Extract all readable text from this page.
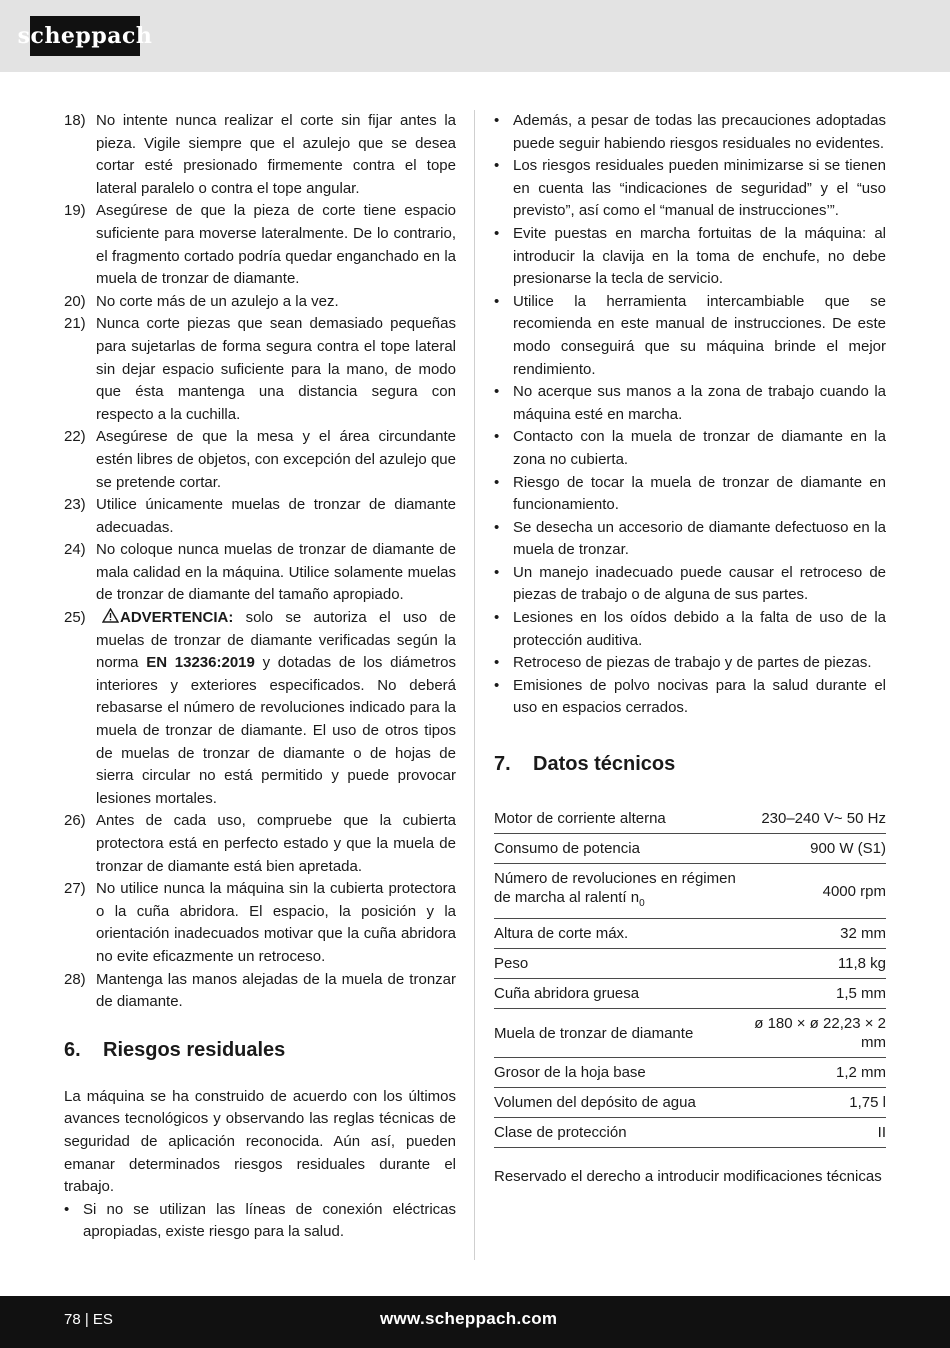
scheppach
18) No intente nunca realizar el corte sin fijar antes la pieza. Vigile siempre que el azulejo que se desea cortar esté presionado firmemente contra el tope lateral paralelo o contra el tope angular.
19) Asegúrese de que la pieza de corte tiene espacio suficiente para moverse lateralmente. De lo contrario, el fragmento cortado podría quedar enganchado en la muela de tronzar de diamante.
20) No corte más de un azulejo a la vez.
21) Nunca corte piezas que sean demasiado pequeñas para sujetarlas de forma segura contra el tope lateral sin dejar espacio suficiente para la mano, de modo que ésta mantenga una distancia segura con respecto a la cuchilla.
22) Asegúrese de que la mesa y el área circundante estén libres de objetos, con excepción del azulejo que se pretende cortar.
23) Utilice únicamente muelas de tronzar de diamante adecuadas.
24) No coloque nunca muelas de tronzar de diamante de mala calidad en la máquina. Utilice solamente muelas de tronzar de diamante del tamaño apropiado.
25)	ADVERTENCIA: solo se autoriza el uso de muelas de tronzar de diamante verificadas según la norma EN 13236:2019 y dotadas de los diámetros interiores y exteriores especificados. No deberá rebasarse el número de revoluciones indicado para la muela de tronzar de diamante. El uso de otros tipos de muelas de tronzar de diamante o de hojas de sierra circular no está permitido y puede provocar lesiones mortales.
26) Antes de cada uso, compruebe que la cubierta protectora está en perfecto estado y que la muela de tronzar de diamante está bien apretada.
27) No utilice nunca la máquina sin la cubierta protectora o la cuña abridora. El espacio, la posición y la orientación inadecuados motivar que la cuña abridora no evite eficazmente un retroceso.
28) Mantenga las manos alejadas de la muela de tronzar de diamante.
6.	Riesgos residuales
La máquina se ha construido de acuerdo con los últimos avances tecnológicos y observando las reglas técnicas de seguridad de aplicación reconocida. Aún así, pueden emanar determinados riesgos residuales durante el trabajo.
• Si no se utilizan las líneas de conexión eléctricas apropiadas, existe riesgo para la salud.
• Además, a pesar de todas las precauciones adoptadas puede seguir habiendo riesgos residuales no evidentes.
• Los riesgos residuales pueden minimizarse si se tienen en cuenta las “indicaciones de seguridad” y el “uso previsto”, así como el “manual de instrucciones’”.
• Evite puestas en marcha fortuitas de la máquina: al introducir la clavija en la toma de enchufe, no debe presionarse la tecla de servicio.
• Utilice la herramienta intercambiable que se recomienda en este manual de instrucciones. De este modo conseguirá que su máquina brinde el mejor rendimiento.
• No acerque sus manos a la zona de trabajo cuando la máquina esté en marcha.
• Contacto con la muela de tronzar de diamante en la zona no cubierta.
• Riesgo de tocar la muela de tronzar de diamante en funcionamiento.
• Se desecha un accesorio de diamante defectuoso en la muela de tronzar.
• Un manejo inadecuado puede causar el retroceso de piezas de trabajo o de alguna de sus partes.
• Lesiones en los oídos debido a la falta de uso de la protección auditiva.
• Retroceso de piezas de trabajo y de partes de piezas.
• Emisiones de polvo nocivas para la salud durante el uso en espacios cerrados.
7.	Datos técnicos
Motor de corriente alterna	230–240 V~ 50 Hz
Consumo de potencia	900 W (S1)
Número de revoluciones en régimen de marcha al ralentí $n_0$	4000 rpm
Altura de corte máx.	32 mm
Peso	11,8 kg
Cuña abridora gruesa	1,5 mm
Muela de tronzar de diamante	ø 180 × ø 22,23 × 2 mm
Grosor de la hoja base	1,2 mm
Volumen del depósito de agua	1,75 l
Clase de protección	II
Reservado el derecho a introducir modificaciones técnicas
78 | ES	www.scheppach.com
